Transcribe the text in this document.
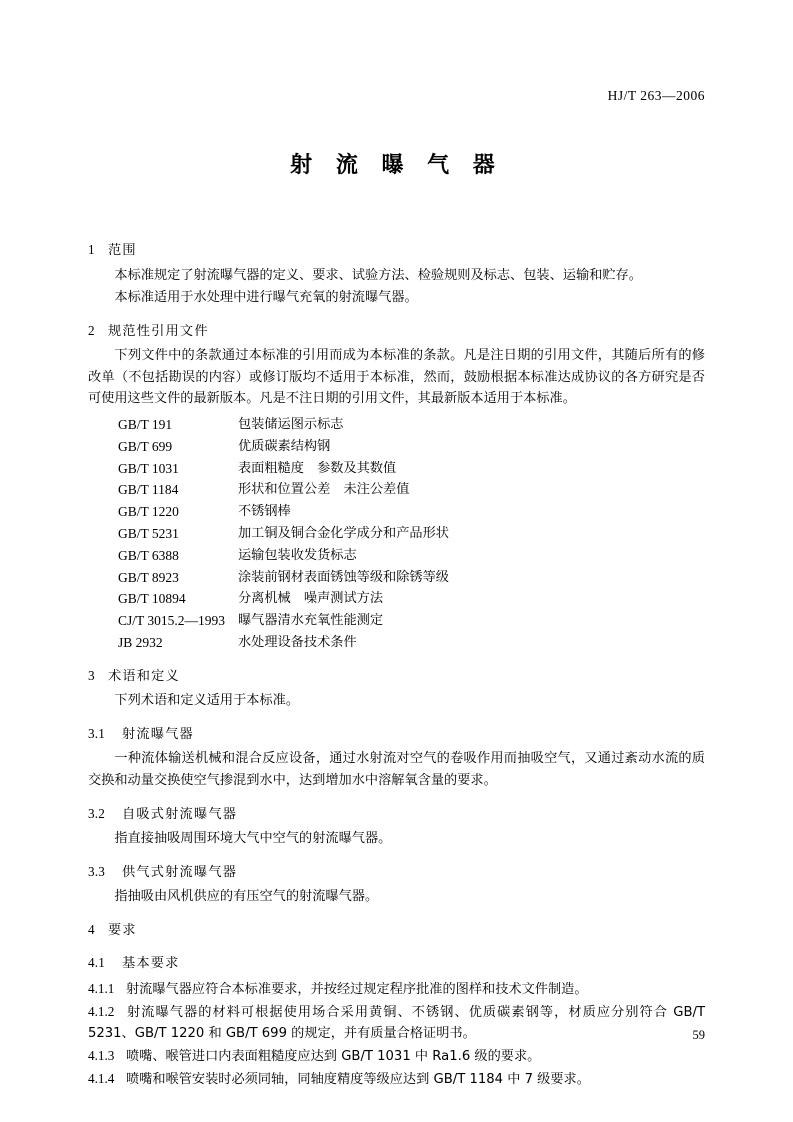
HJ/T 263—2006
射 流 曝 气 器
1 范围

本标准规定了射流曝气器的定义、要求、试验方法、检验规则及标志、包装、运输和贮存。

本标准适用于水处理中进行曝气充氧的射流曝气器。

2 规范性引用文件

下列文件中的条款通过本标准的引用而成为本标准的条款。凡是注日期的引用文件，其随后所有的修改单（不包括勘误的内容）或修订版均不适用于本标准，然而，鼓励根据本标准达成协议的各方研究是否可使用这些文件的最新版本。凡是不注日期的引用文件，其最新版本适用于本标准。

GB/T 191	包装储运图示标志
GB/T 699	优质碳素结构钢
GB/T 1031	表面粗糙度　参数及其数值
GB/T 1184	形状和位置公差　未注公差值
GB/T 1220	不锈钢棒
GB/T 5231	加工铜及铜合金化学成分和产品形状
GB/T 6388	运输包装收发货标志
GB/T 8923	涂装前钢材表面锈蚀等级和除锈等级
GB/T 10894	分离机械　噪声测试方法
CJ/T 3015.2—1993 曝气器清水充氧性能测定
JB 2932	水处理设备技术条件
3 术语和定义

下列术语和定义适用于本标准。

3.1 射流曝气器

一种流体输送机械和混合反应设备，通过水射流对空气的卷吸作用而抽吸空气，又通过紊动水流的质交换和动量交换使空气掺混到水中，达到增加水中溶解氧含量的要求。

3.2 自吸式射流曝气器

指直接抽吸周围环境大气中空气的射流曝气器。

3.3 供气式射流曝气器

指抽吸由风机供应的有压空气的射流曝气器。

4 要求
4.1 基本要求

4.1.1 射流曝气器应符合本标准要求，并按经过规定程序批准的图样和技术文件制造。

4.1.2 射流曝气器的材料可根据使用场合采用黄铜、不锈钢、优质碳素钢等，材质应分别符合 GB/T 5231、GB/T 1220 和 GB/T 699 的规定，并有质量合格证明书。

4.1.3 喷嘴、喉管进口内表面粗糙度应达到 GB/T 1031 中 Ra1.6 级的要求。

4.1.4 喷嘴和喉管安装时必须同轴，同轴度精度等级应达到 GB/T 1184 中 7 级要求。

59
